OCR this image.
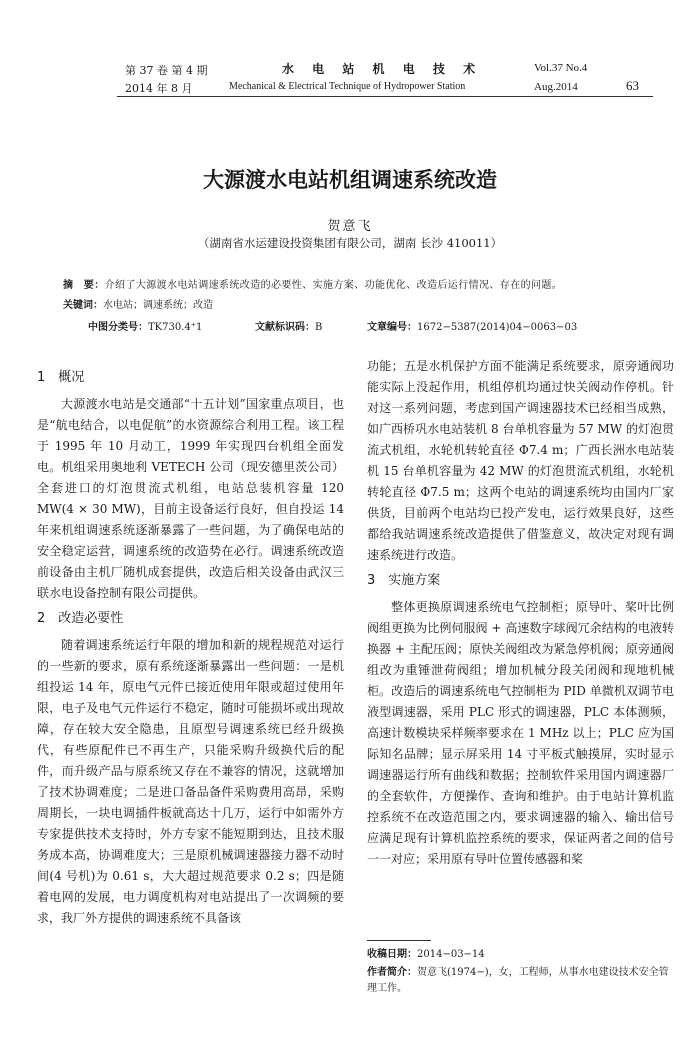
第 37 卷 第 4 期
2014 年 8 月
水 电 站 机 电 技 术
Mechanical & Electrical Technique of Hydropower Station
Vol.37 No.4
Aug.2014	63
大源渡水电站机组调速系统改造
贺意飞
（湖南省水运建设投资集团有限公司，湖南 长沙 410011）
摘　要：介绍了大源渡水电站调速系统改造的必要性、实施方案、功能优化、改造后运行情况、存在的问题。
关键词：水电站；调速系统；改造
中图分类号：TK730.4⁺1	文献标识码：B	文章编号：1672−5387(2014)04−0063−03
1　概况

大源渡水电站是交通部“十五计划”国家重点项目，也是“航电结合，以电促航”的水资源综合利用工程。该工程于 1995 年 10 月动工，1999 年实现四台机组全面发电。机组采用奥地利 VETECH 公司（现安德里茨公司）全套进口的灯泡贯流式机组，电站总装机容量 120 MW(4 × 30 MW)，目前主设备运行良好，但自投运 14 年来机组调速系统逐渐暴露了一些问题，为了确保电站的安全稳定运营，调速系统的改造势在必行。调速系统改造前设备由主机厂随机成套提供，改造后相关设备由武汉三联水电设备控制有限公司提供。

2　改造必要性

随着调速系统运行年限的增加和新的规程规范对运行的一些新的要求，原有系统逐渐暴露出一些问题：一是机组投运 14 年，原电气元件已接近使用年限或超过使用年限，电子及电气元件运行不稳定，随时可能损坏或出现故障，存在较大安全隐患，且原型号调速系统已经升级换代，有些原配件已不再生产，只能采购升级换代后的配件，而升级产品与原系统又存在不兼容的情况，这就增加了技术协调难度；二是进口备品备件采购费用高昂，采购周期长，一块电调插件板就高达十几万，运行中如需外方专家提供技术支持时，外方专家不能短期到达，且技术服务成本高，协调难度大；三是原机械调速器接力器不动时间(4 号机)为 0.61 s，大大超过规范要求 0.2 s；四是随着电网的发展，电力调度机构对电站提出了一次调频的要求，我厂外方提供的调速系统不具备该

功能；五是水机保护方面不能满足系统要求，原旁通阀功能实际上没起作用，机组停机均通过快关阀动作停机。针对这一系列问题，考虑到国产调速器技术已经相当成熟，如广西桥巩水电站装机 8 台单机容量为 57 MW 的灯泡贯流式机组，水轮机转轮直径 Φ7.4 m；广西长洲水电站装机 15 台单机容量为 42 MW 的灯泡贯流式机组，水轮机转轮直径 Φ7.5 m；这两个电站的调速系统均由国内厂家供货，目前两个电站均已投产发电，运行效果良好，这些都给我站调速系统改造提供了借鉴意义，故决定对现有调速系统进行改造。

3　实施方案

整体更换原调速系统电气控制柜；原导叶、桨叶比例阀组更换为比例伺服阀 + 高速数字球阀冗余结构的电液转换器 + 主配压阀；原快关阀组改为紧急停机阀；原旁通阀组改为重锤泄荷阀组；增加机械分段关闭阀和现地机械柜。改造后的调速系统电气控制柜为 PID 单微机双调节电液型调速器，采用 PLC 形式的调速器，PLC 本体测频，高速计数模块采样频率要求在 1 MHz 以上；PLC 应为国际知名品牌；显示屏采用 14 寸平板式触摸屏，实时显示调速器运行所有曲线和数据；控制软件采用国内调速器厂的全套软件，方便操作、查询和维护。由于电站计算机监控系统不在改造范围之内，要求调速器的输入、输出信号应满足现有计算机监控系统的要求，保证两者之间的信号一一对应；采用原有导叶位置传感器和桨

收稿日期：2014−03−14
作者简介：贺意飞(1974−)，女，工程师，从事水电建设技术安全管理工作。
